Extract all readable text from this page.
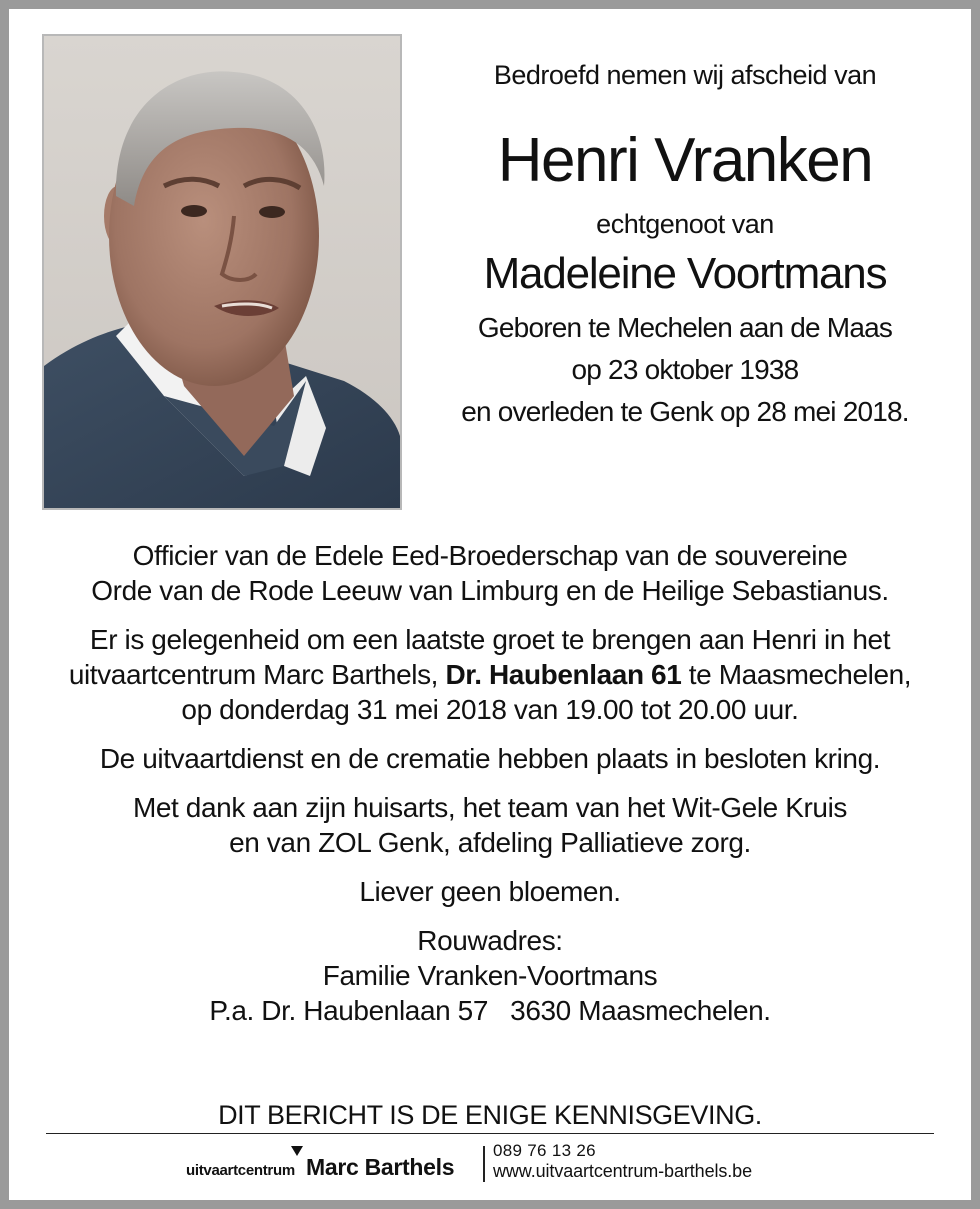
Bedroefd nemen wij afscheid van

Henri Vranken

echtgenoot van

Madeleine Voortmans

Geboren te Mechelen aan de Maas
op 23 oktober 1938
en overleden te Genk op 28 mei 2018.
Officier van de Edele Eed-Broederschap van de souvereine
Orde van de Rode Leeuw van Limburg en de Heilige Sebastianus.
Er is gelegenheid om een laatste groet te brengen aan Henri in het
uitvaartcentrum Marc Barthels, Dr. Haubenlaan 61 te Maasmechelen,
op donderdag 31 mei 2018 van 19.00 tot 20.00 uur.
De uitvaartdienst en de crematie hebben plaats in besloten kring.
Met dank aan zijn huisarts, het team van het Wit-Gele Kruis
en van ZOL Genk, afdeling Palliatieve zorg.
Liever geen bloemen.
Rouwadres:
Familie Vranken-Voortmans
P.a. Dr. Haubenlaan 57   3630 Maasmechelen.
DIT BERICHT IS DE ENIGE KENNISGEVING.
uitvaartcentrum Marc Barthels
089 76 13 26
www.uitvaartcentrum-barthels.be
